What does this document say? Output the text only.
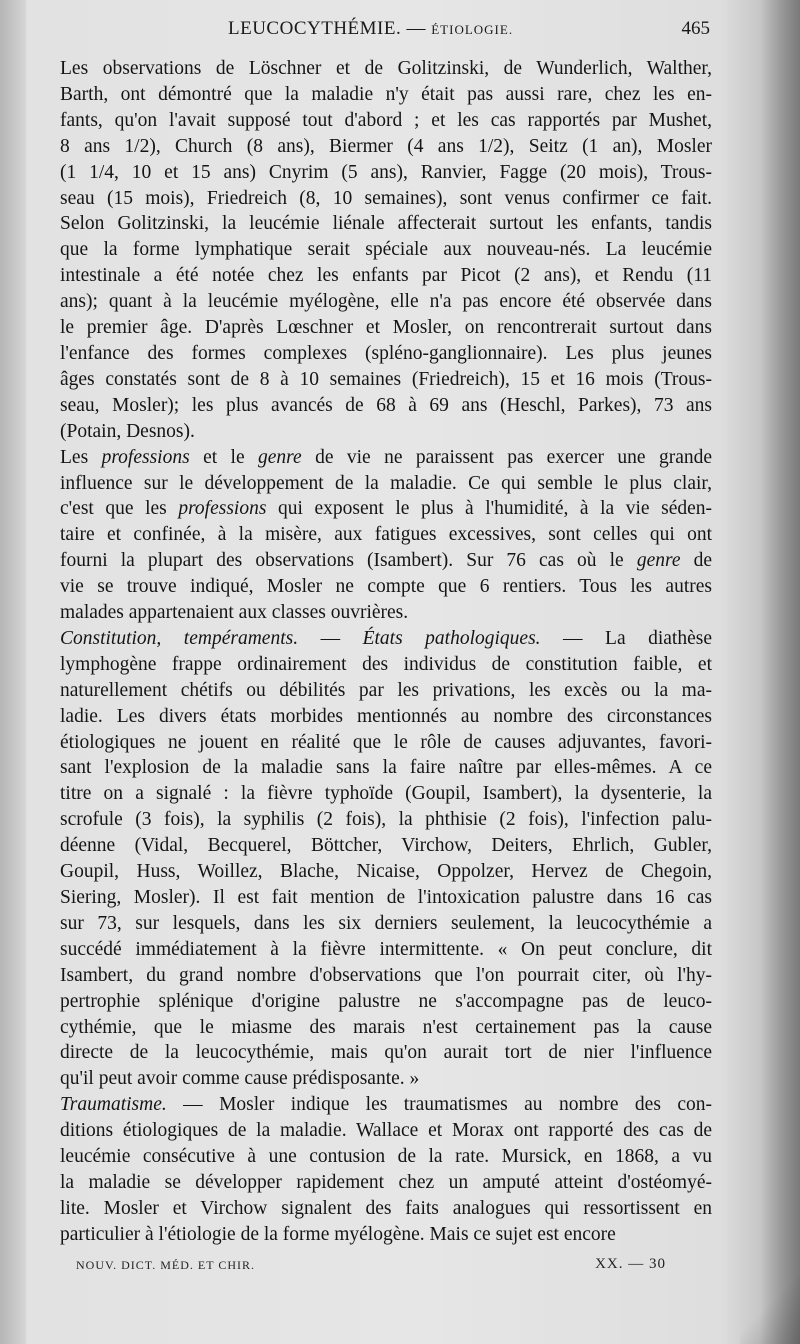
LEUCOCYTHÉMIE. — ÉTIOLOGIE.	465

Les observations de Löschner et de Golitzinski, de Wunderlich, Walther,
Barth, ont démontré que la maladie n'y était pas aussi rare, chez les en-
fants, qu'on l'avait supposé tout d'abord ; et les cas rapportés par Mushet,
8 ans 1/2), Church (8 ans), Biermer (4 ans 1/2), Seitz (1 an), Mosler
(1 1/4, 10 et 15 ans) Cnyrim (5 ans), Ranvier, Fagge (20 mois), Trous-
seau (15 mois), Friedreich (8, 10 semaines), sont venus confirmer ce fait.
Selon Golitzinski, la leucémie liénale affecterait surtout les enfants, tandis
que la forme lymphatique serait spéciale aux nouveau-nés. La leucémie
intestinale a été notée chez les enfants par Picot (2 ans), et Rendu (11
ans); quant à la leucémie myélogène, elle n'a pas encore été observée dans
le premier âge. D'après Lœschner et Mosler, on rencontrerait surtout dans
l'enfance des formes complexes (spléno-ganglionnaire). Les plus jeunes
âges constatés sont de 8 à 10 semaines (Friedreich), 15 et 16 mois (Trous-
seau, Mosler); les plus avancés de 68 à 69 ans (Heschl, Parkes), 73 ans
(Potain, Desnos).

Les professions et le genre de vie ne paraissent pas exercer une grande
influence sur le développement de la maladie. Ce qui semble le plus clair,
c'est que les professions qui exposent le plus à l'humidité, à la vie séden-
taire et confinée, à la misère, aux fatigues excessives, sont celles qui ont
fourni la plupart des observations (Isambert). Sur 76 cas où le genre de
vie se trouve indiqué, Mosler ne compte que 6 rentiers. Tous les autres
malades appartenaient aux classes ouvrières.

Constitution, tempéraments. — États pathologiques. — La diathèse
lymphogène frappe ordinairement des individus de constitution faible, et
naturellement chétifs ou débilités par les privations, les excès ou la ma-
ladie. Les divers états morbides mentionnés au nombre des circonstances
étiologiques ne jouent en réalité que le rôle de causes adjuvantes, favori-
sant l'explosion de la maladie sans la faire naître par elles-mêmes. A ce
titre on a signalé : la fièvre typhoïde (Goupil, Isambert), la dysenterie, la
scrofule (3 fois), la syphilis (2 fois), la phthisie (2 fois), l'infection palu-
déenne (Vidal, Becquerel, Böttcher, Virchow, Deiters, Ehrlich, Gubler,
Goupil, Huss, Woillez, Blache, Nicaise, Oppolzer, Hervez de Chegoin,
Siering, Mosler). Il est fait mention de l'intoxication palustre dans 16 cas
sur 73, sur lesquels, dans les six derniers seulement, la leucocythémie a
succédé immédiatement à la fièvre intermittente. « On peut conclure, dit
Isambert, du grand nombre d'observations que l'on pourrait citer, où l'hy-
pertrophie splénique d'origine palustre ne s'accompagne pas de leuco-
cythémie, que le miasme des marais n'est certainement pas la cause
directe de la leucocythémie, mais qu'on aurait tort de nier l'influence
qu'il peut avoir comme cause prédisposante. »

Traumatisme. — Mosler indique les traumatismes au nombre des con-
ditions étiologiques de la maladie. Wallace et Morax ont rapporté des cas de
leucémie consécutive à une contusion de la rate. Mursick, en 1868, a vu
la maladie se développer rapidement chez un amputé atteint d'ostéomyé-
lite. Mosler et Virchow signalent des faits analogues qui ressortissent en
particulier à l'étiologie de la forme myélogène. Mais ce sujet est encore

NOUV. DICT. MÉD. ET CHIR.	XX. — 30
